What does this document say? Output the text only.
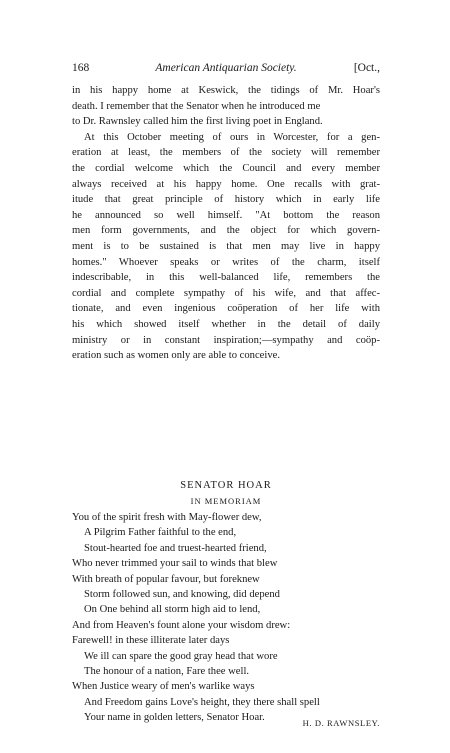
168	American Antiquarian Society.	[Oct.,
in his happy home at Keswick, the tidings of Mr. Hoar's
death. I remember that the Senator when he introduced me
to Dr. Rawnsley called him the first living poet in England.
At this October meeting of ours in Worcester, for a gen-
eration at least, the members of the society will remember
the cordial welcome which the Council and every member
always received at his happy home. One recalls with grat-
itude that great principle of history which in early life
he announced so well himself. "At bottom the reason
men form governments, and the object for which govern-
ment is to be sustained is that men may live in happy
homes." Whoever speaks or writes of the charm, itself
indescribable, in this well-balanced life, remembers the
cordial and complete sympathy of his wife, and that affec-
tionate, and even ingenious coöperation of her life with
his which showed itself whether in the detail of daily
ministry or in constant inspiration;—sympathy and coöp-
eration such as women only are able to conceive.
SENATOR HOAR
IN MEMORIAM
You of the spirit fresh with May-flower dew,
A Pilgrim Father faithful to the end,
Stout-hearted foe and truest-hearted friend,
Who never trimmed your sail to winds that blew
With breath of popular favour, but foreknew
Storm followed sun, and knowing, did depend
On One behind all storm high aid to lend,
And from Heaven's fount alone your wisdom drew:
Farewell! in these illiterate later days
We ill can spare the good gray head that wore
The honour of a nation, Fare thee well.
When Justice weary of men's warlike ways
And Freedom gains Love's height, they there shall spell
Your name in golden letters, Senator Hoar.	H. D. RAWNSLEY.
